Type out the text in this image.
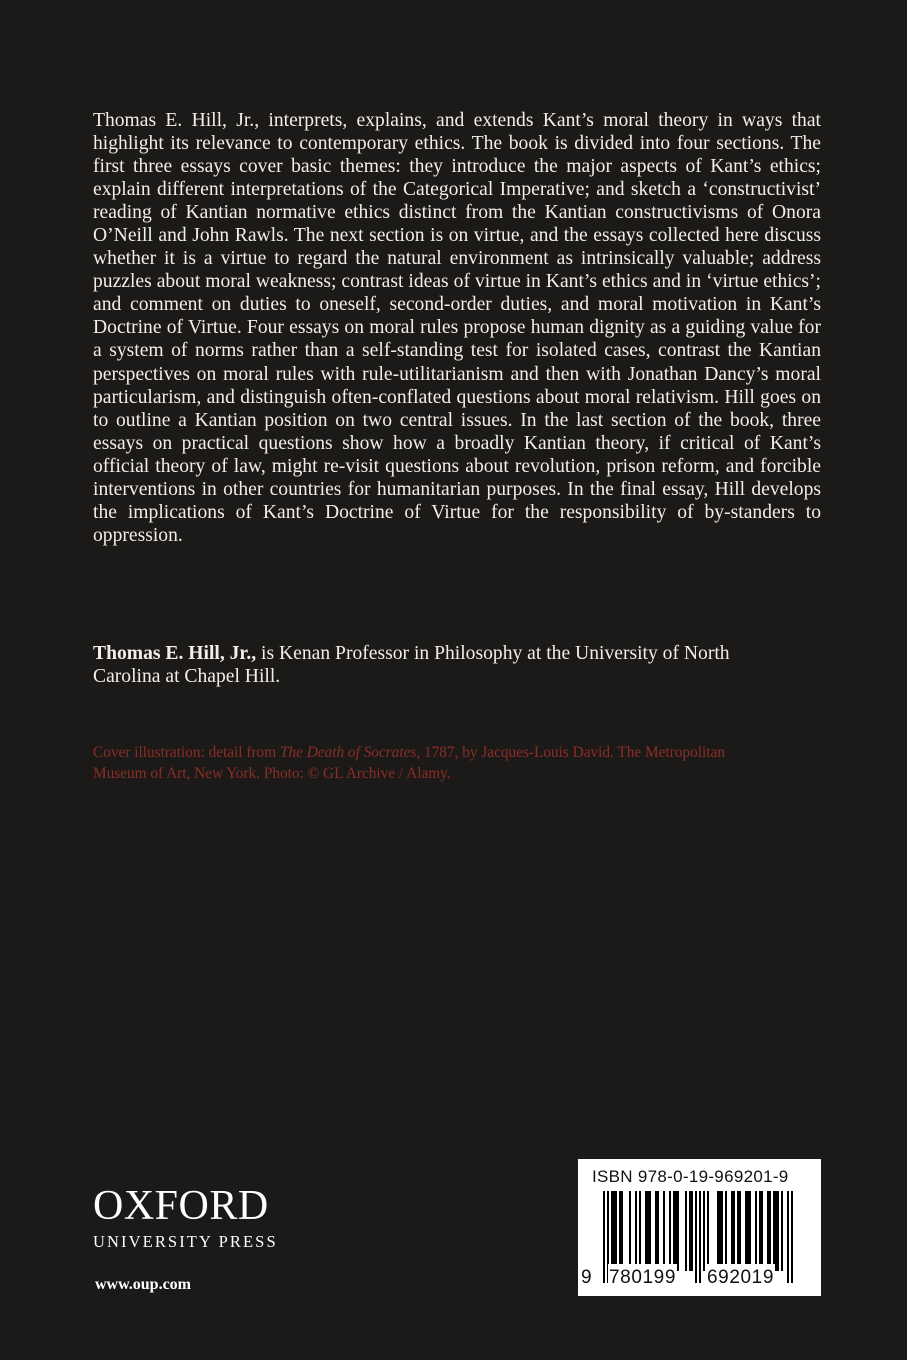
Thomas E. Hill, Jr., interprets, explains, and extends Kant’s moral theory in ways that highlight its relevance to contemporary ethics. The book is divided into four sections. The first three essays cover basic themes: they introduce the major aspects of Kant’s ethics; explain different interpretations of the Categorical Imperative; and sketch a ‘constructivist’ reading of Kantian normative ethics distinct from the Kantian constructivisms of Onora O’Neill and John Rawls. The next section is on virtue, and the essays collected here discuss whether it is a virtue to regard the natural environment as intrinsically valuable; address puzzles about moral weakness; contrast ideas of virtue in Kant’s ethics and in ‘virtue ethics’; and comment on duties to oneself, second-order duties, and moral motivation in Kant’s Doctrine of Virtue. Four essays on moral rules propose human dignity as a guiding value for a system of norms rather than a self-standing test for isolated cases, contrast the Kantian perspectives on moral rules with rule-utilitarianism and then with Jonathan Dancy’s moral particularism, and distinguish often-conflated questions about moral relativism. Hill goes on to outline a Kantian position on two central issues. In the last section of the book, three essays on practical questions show how a broadly Kantian theory, if critical of Kant’s official theory of law, might re-visit questions about revolution, prison reform, and forcible interventions in other countries for humanitarian purposes. In the final essay, Hill develops the implications of Kant’s Doctrine of Virtue for the responsibility of by-standers to oppression.

Thomas E. Hill, Jr., is Kenan Professor in Philosophy at the University of North Carolina at Chapel Hill.

Cover illustration: detail from The Death of Socrates, 1787, by Jacques-Louis David. The Metropolitan Museum of Art, New York. Photo: © GL Archive / Alamy.

OXFORD
UNIVERSITY PRESS
www.oup.com
ISBN 978-0-19-969201-9
9 780199 692019
